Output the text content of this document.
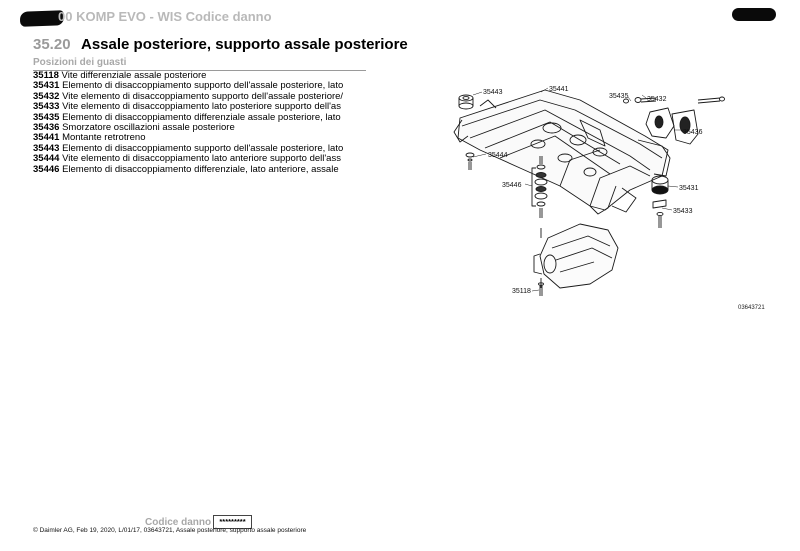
00 KOMP EVO - WIS Codice danno
35.20 Assale posteriore, supporto assale posteriore
Posizioni dei guasti
35118 Vite differenziale assale posteriore
35431 Elemento di disaccoppiamento supporto dell'assale posteriore, lato
35432 Vite elemento di disaccoppiamento supporto dell'assale posteriore/
35433 Vite elemento di disaccoppiamento lato posteriore supporto dell'as
35435 Elemento di disaccoppiamento differenziale assale posteriore, lato
35436 Smorzatore oscillazioni assale posteriore
35441 Montante retrotreno
35443 Elemento di disaccoppiamento supporto dell'assale posteriore, lato
35444 Vite elemento di disaccoppiamento lato anteriore supporto dell'ass
35446 Elemento di disaccoppiamento differenziale, lato anteriore, assale
35443	35441
35435	35432
35436
35444
35446	35431
35433
35118
03643721
Codice danno	*********
© Daimler AG, Feb 19, 2020, L/01/17, 03643721, Assale posteriore, supporto assale posteriore
